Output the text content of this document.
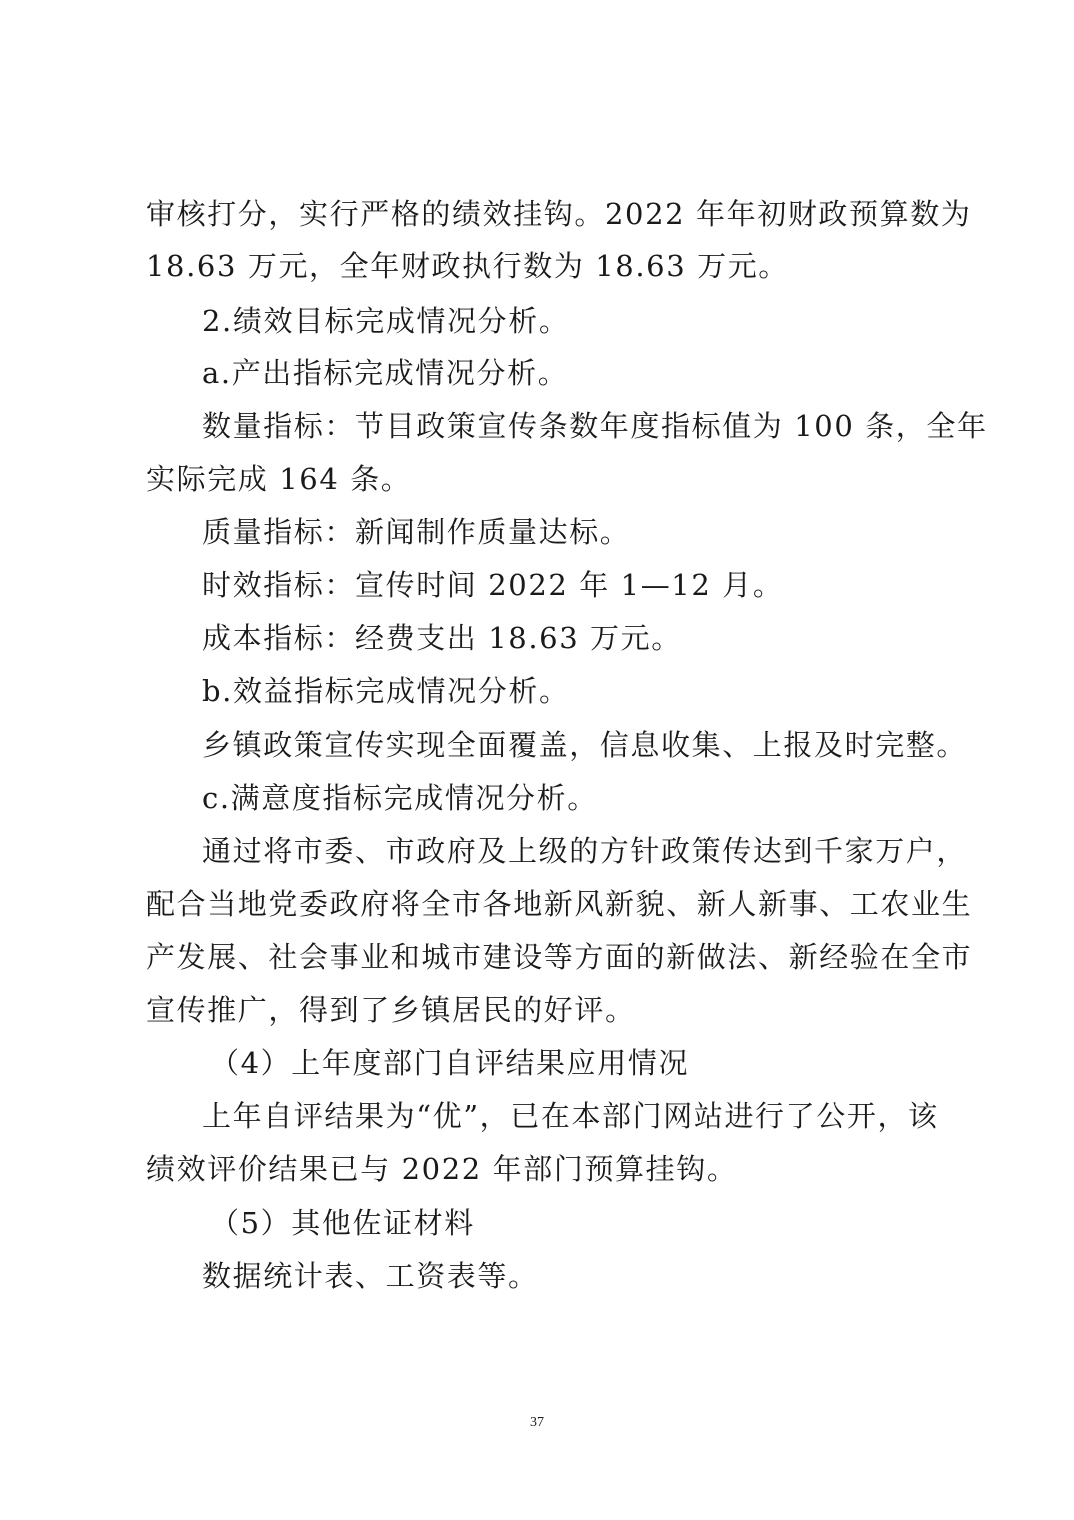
审核打分，实行严格的绩效挂钩。2022 年年初财政预算数为
18.63 万元，全年财政执行数为 18.63 万元。
2.绩效目标完成情况分析。
a.产出指标完成情况分析。
数量指标：节目政策宣传条数年度指标值为 100 条，全年
实际完成 164 条。
质量指标：新闻制作质量达标。
时效指标：宣传时间 2022 年 1—12 月。
成本指标：经费支出 18.63 万元。
b.效益指标完成情况分析。
乡镇政策宣传实现全面覆盖，信息收集、上报及时完整。
c.满意度指标完成情况分析。
通过将市委、市政府及上级的方针政策传达到千家万户，
配合当地党委政府将全市各地新风新貌、新人新事、工农业生
产发展、社会事业和城市建设等方面的新做法、新经验在全市
宣传推广，得到了乡镇居民的好评。
（4）上年度部门自评结果应用情况
上年自评结果为“优”，已在本部门网站进行了公开，该
绩效评价结果已与 2022 年部门预算挂钩。
（5）其他佐证材料
数据统计表、工资表等。
37
